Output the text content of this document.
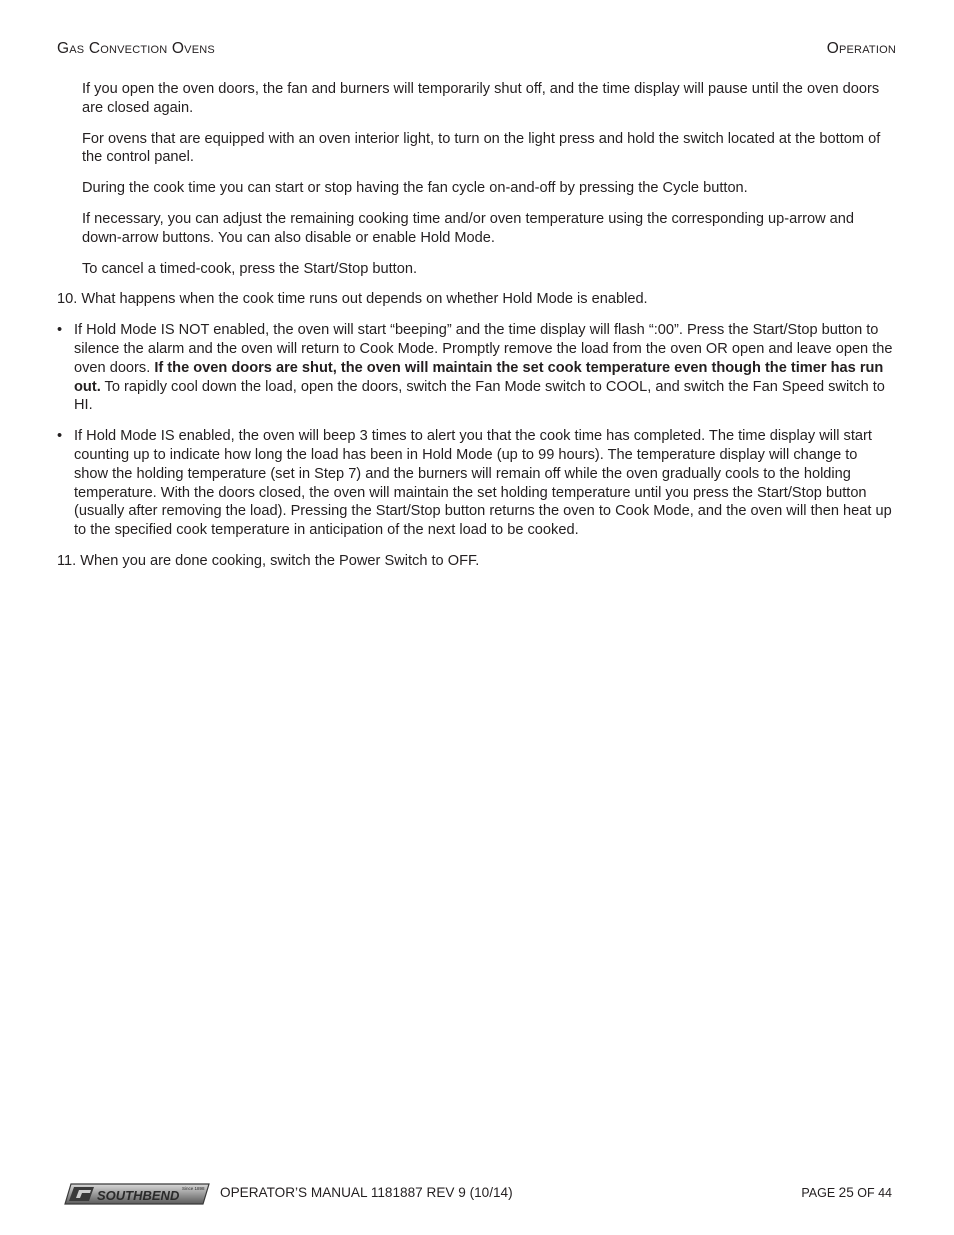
Gas Convection Ovens	Operation

If you open the oven doors, the fan and burners will temporarily shut off, and the time display will pause until the oven doors are closed again.

For ovens that are equipped with an oven interior light, to turn on the light press and hold the switch located at the bottom of the control panel.

During the cook time you can start or stop having the fan cycle on-and-off by pressing the Cycle button.

If necessary, you can adjust the remaining cooking time and/or oven temperature using the corresponding up-arrow and down-arrow buttons. You can also disable or enable Hold Mode.

To cancel a timed-cook, press the Start/Stop button.

10. What happens when the cook time runs out depends on whether Hold Mode is enabled.

• If Hold Mode IS NOT enabled, the oven will start “beeping” and the time display will flash “:00”. Press the Start/Stop button to silence the alarm and the oven will return to Cook Mode. Promptly remove the load from the oven OR open and leave open the oven doors. If the oven doors are shut, the oven will maintain the set cook temperature even though the timer has run out. To rapidly cool down the load, open the doors, switch the Fan Mode switch to COOL, and switch the Fan Speed switch to HI.

• If Hold Mode IS enabled, the oven will beep 3 times to alert you that the cook time has completed. The time display will start counting up to indicate how long the load has been in Hold Mode (up to 99 hours). The temperature display will change to show the holding temperature (set in Step 7) and the burners will remain off while the oven gradually cools to the holding temperature. With the doors closed, the oven will maintain the set holding temperature until you press the Start/Stop button (usually after removing the load). Pressing the Start/Stop button returns the oven to Cook Mode, and the oven will then heat up to the specified cook temperature in anticipation of the next load to be cooked.

11. When you are done cooking, switch the Power Switch to OFF.

SOUTHBEND Since 1898 OPERATOR’S MANUAL 1181887 REV 9 (10/14)	PAGE 25 OF 44
